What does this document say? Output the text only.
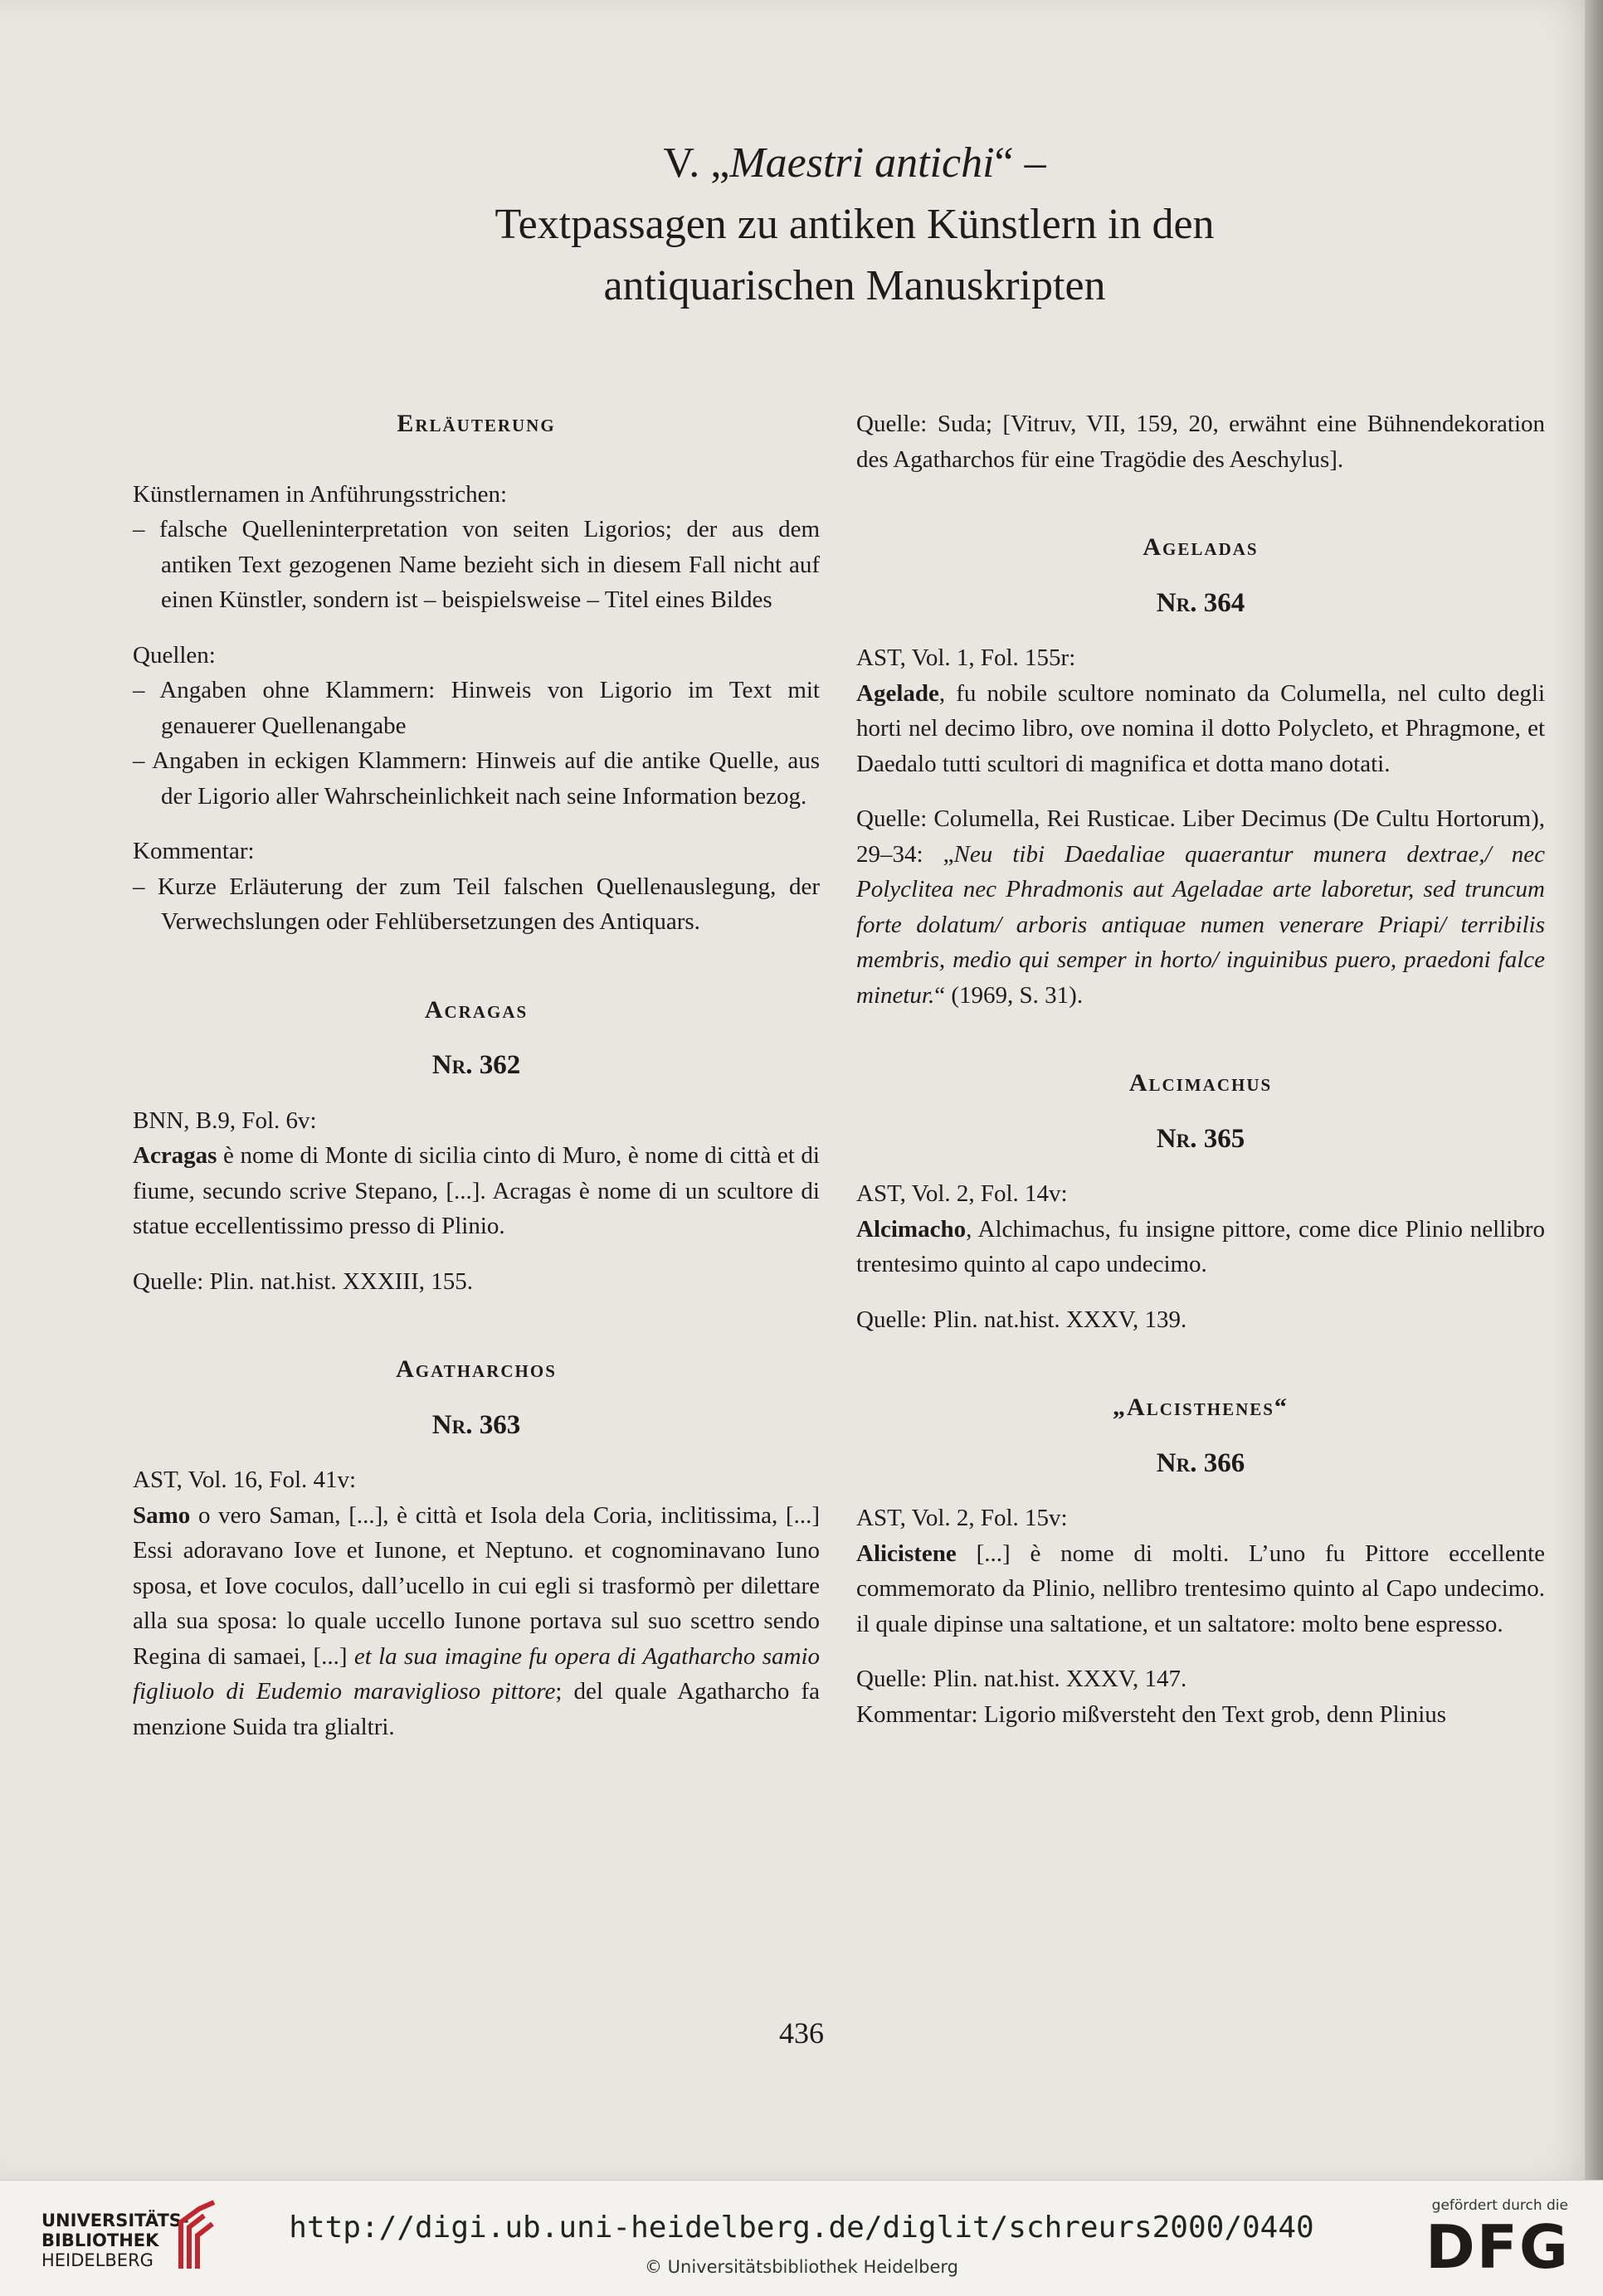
V. „Maestri antichi“ –
Textpassagen zu antiken Künstlern in den
antiquarischen Manuskripten
Erläuterung

Künstlernamen in Anführungsstrichen:

– falsche Quelleninterpretation von seiten Ligorios; der aus dem antiken Text gezogenen Name bezieht sich in diesem Fall nicht auf einen Künstler, sondern ist – beispielsweise – Titel eines Bildes

Quellen:

– Angaben ohne Klammern: Hinweis von Ligorio im Text mit genauerer Quellenangabe

– Angaben in eckigen Klammern: Hinweis auf die antike Quelle, aus der Ligorio aller Wahrscheinlichkeit nach seine Information bezog.

Kommentar:

– Kurze Erläuterung der zum Teil falschen Quellenauslegung, der Verwechslungen oder Fehlübersetzungen des Antiquars.

Acragas
Nr. 362

BNN, B.9, Fol. 6v:

Acragas è nome di Monte di sicilia cinto di Muro, è nome di città et di fiume, secundo scrive Stepano, [...]. Acragas è nome di un scultore di statue eccellentissimo presso di Plinio.

Quelle: Plin. nat.hist. XXXIII, 155.

Agatharchos
Nr. 363

AST, Vol. 16, Fol. 41v:

Samo o vero Saman, [...], è città et Isola dela Coria, inclitissima, [...] Essi adoravano Iove et Iunone, et Neptuno. et cognominavano Iuno sposa, et Iove coculos, dall’ucello in cui egli si trasformò per dilettare alla sua sposa: lo quale uccello Iunone portava sul suo scettro sendo Regina di samaei, [...] et la sua imagine fu opera di Agatharcho samio figliuolo di Eudemio maraviglioso pittore; del quale Agatharcho fa menzione Suida tra glialtri.

Quelle: Suda; [Vitruv, VII, 159, 20, erwähnt eine Bühnendekoration des Agatharchos für eine Tragödie des Aeschylus].

Ageladas
Nr. 364

AST, Vol. 1, Fol. 155r:

Agelade, fu nobile scultore nominato da Columella, nel culto degli horti nel decimo libro, ove nomina il dotto Polycleto, et Phragmone, et Daedalo tutti scultori di magnifica et dotta mano dotati.

Quelle: Columella, Rei Rusticae. Liber Decimus (De Cultu Hortorum), 29–34: „Neu tibi Daedaliae quaerantur munera dextrae,/ nec Polyclitea nec Phradmonis aut Ageladae arte laboretur, sed truncum forte dolatum/ arboris antiquae numen venerare Priapi/ terribilis membris, medio qui semper in horto/ inguinibus puero, praedoni falce minetur.“ (1969, S. 31).

Alcimachus
Nr. 365

AST, Vol. 2, Fol. 14v:

Alcimacho, Alchimachus, fu insigne pittore, come dice Plinio nellibro trentesimo quinto al capo undecimo.

Quelle: Plin. nat.hist. XXXV, 139.

„Alcisthenes“
Nr. 366

AST, Vol. 2, Fol. 15v:

Alicistene [...] è nome di molti. L’uno fu Pittore eccellente commemorato da Plinio, nellibro trentesimo quinto al Capo undecimo. il quale dipinse una saltatione, et un saltatore: molto bene espresso.

Quelle: Plin. nat.hist. XXXV, 147.

Kommentar: Ligorio mißversteht den Text grob, denn Plinius

436
UNIVERSITÄTS-
BIBLIOTHEK
HEIDELBERG
http://digi.ub.uni-heidelberg.de/diglit/schreurs2000/0440
© Universitätsbibliothek Heidelberg
gefördert durch die
DFG
